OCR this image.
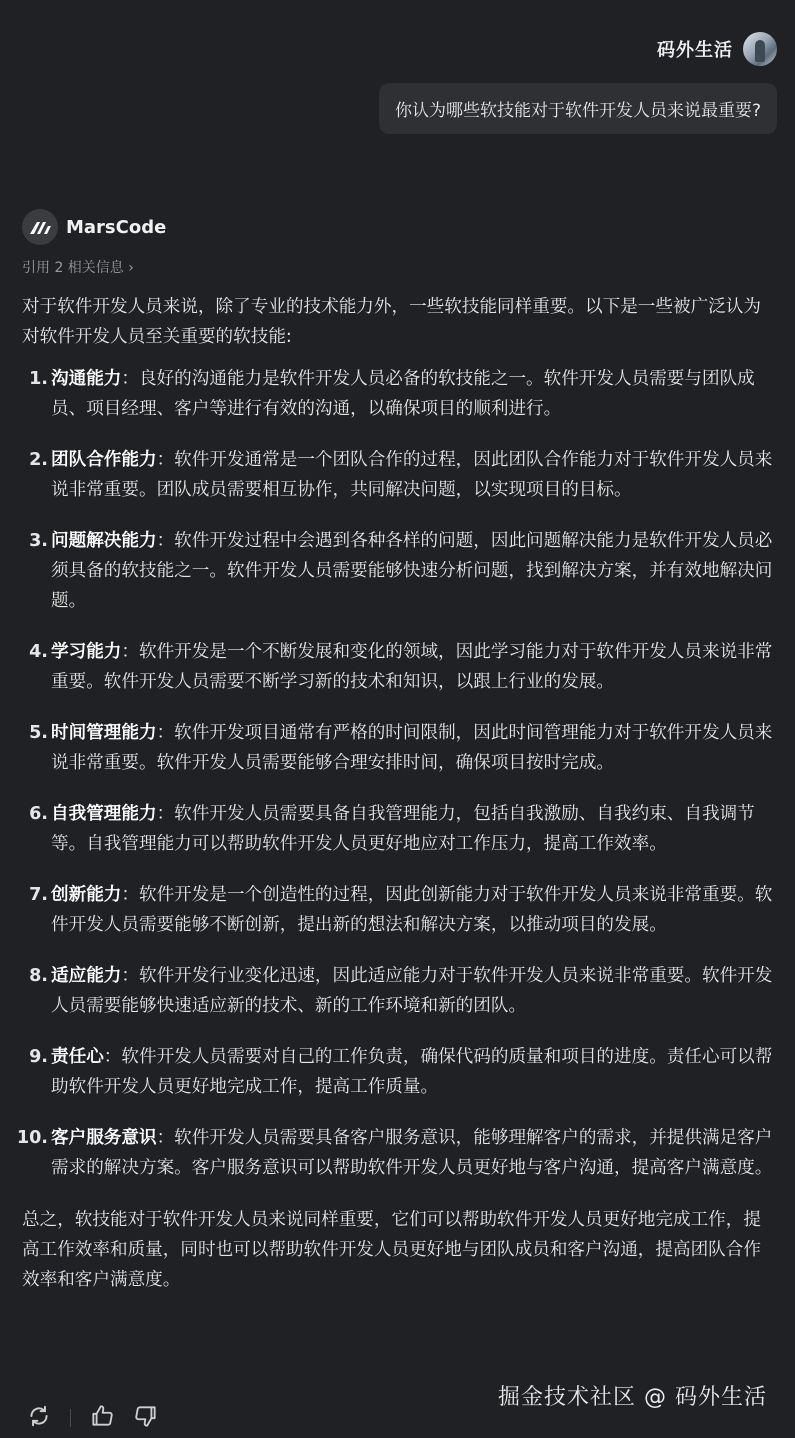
码外生活
你认为哪些软技能对于软件开发人员来说最重要?
MarsCode
引用 2 相关信息 ›

对于软件开发人员来说，除了专业的技术能力外，一些软技能同样重要。以下是一些被广泛认为对软件开发人员至关重要的软技能:

1. 沟通能力：良好的沟通能力是软件开发人员必备的软技能之一。软件开发人员需要与团队成员、项目经理、客户等进行有效的沟通，以确保项目的顺利进行。
2. 团队合作能力：软件开发通常是一个团队合作的过程，因此团队合作能力对于软件开发人员来说非常重要。团队成员需要相互协作，共同解决问题，以实现项目的目标。
3. 问题解决能力：软件开发过程中会遇到各种各样的问题，因此问题解决能力是软件开发人员必须具备的软技能之一。软件开发人员需要能够快速分析问题，找到解决方案，并有效地解决问题。
4. 学习能力：软件开发是一个不断发展和变化的领域，因此学习能力对于软件开发人员来说非常重要。软件开发人员需要不断学习新的技术和知识，以跟上行业的发展。
5. 时间管理能力：软件开发项目通常有严格的时间限制，因此时间管理能力对于软件开发人员来说非常重要。软件开发人员需要能够合理安排时间，确保项目按时完成。
6. 自我管理能力：软件开发人员需要具备自我管理能力，包括自我激励、自我约束、自我调节等。自我管理能力可以帮助软件开发人员更好地应对工作压力，提高工作效率。
7. 创新能力：软件开发是一个创造性的过程，因此创新能力对于软件开发人员来说非常重要。软件开发人员需要能够不断创新，提出新的想法和解决方案，以推动项目的发展。
8. 适应能力：软件开发行业变化迅速，因此适应能力对于软件开发人员来说非常重要。软件开发人员需要能够快速适应新的技术、新的工作环境和新的团队。
9. 责任心：软件开发人员需要对自己的工作负责，确保代码的质量和项目的进度。责任心可以帮助软件开发人员更好地完成工作，提高工作质量。
10. 客户服务意识：软件开发人员需要具备客户服务意识，能够理解客户的需求，并提供满足客户需求的解决方案。客户服务意识可以帮助软件开发人员更好地与客户沟通，提高客户满意度。

总之，软技能对于软件开发人员来说同样重要，它们可以帮助软件开发人员更好地完成工作，提高工作效率和质量，同时也可以帮助软件开发人员更好地与团队成员和客户沟通，提高团队合作效率和客户满意度。

掘金技术社区 @ 码外生活
